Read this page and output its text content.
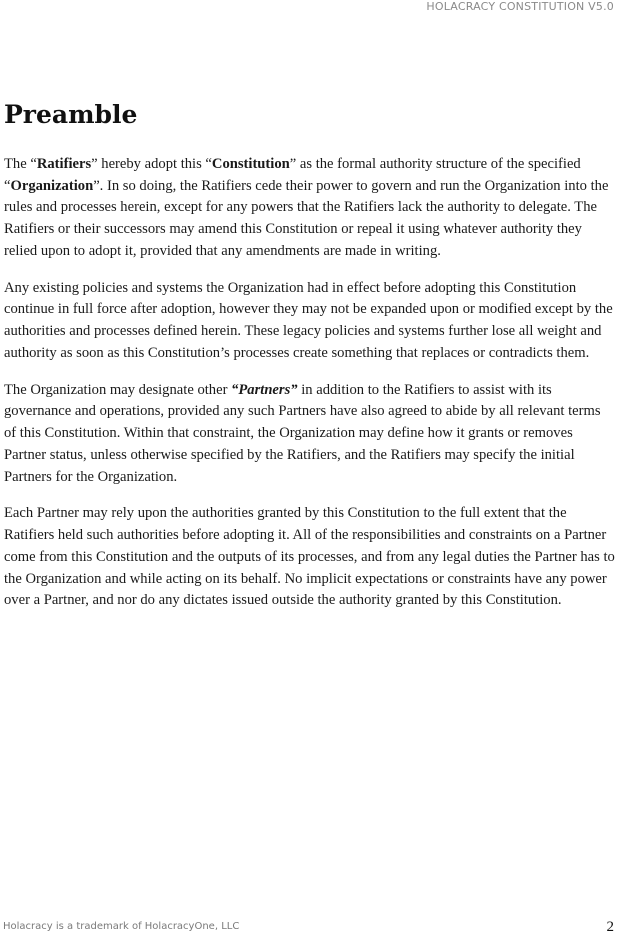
HOLACRACY CONSTITUTION V5.0
Preamble

The “Ratifiers” hereby adopt this “Constitution” as the formal authority structure of the specified “Organization”. In so doing, the Ratifiers cede their power to govern and run the Organization into the rules and processes herein, except for any powers that the Ratifiers lack the authority to delegate. The Ratifiers or their successors may amend this Constitution or repeal it using whatever authority they relied upon to adopt it, provided that any amendments are made in writing.

Any existing policies and systems the Organization had in effect before adopting this Constitution continue in full force after adoption, however they may not be expanded upon or modified except by the authorities and processes defined herein. These legacy policies and systems further lose all weight and authority as soon as this Constitution’s processes create something that replaces or contradicts them.

The Organization may designate other “Partners” in addition to the Ratifiers to assist with its governance and operations, provided any such Partners have also agreed to abide by all relevant terms of this Constitution. Within that constraint, the Organization may define how it grants or removes Partner status, unless otherwise specified by the Ratifiers, and the Ratifiers may specify the initial Partners for the Organization.

Each Partner may rely upon the authorities granted by this Constitution to the full extent that the Ratifiers held such authorities before adopting it. All of the responsibilities and constraints on a Partner come from this Constitution and the outputs of its processes, and from any legal duties the Partner has to the Organization and while acting on its behalf. No implicit expectations or constraints have any power over a Partner, and nor do any dictates issued outside the authority granted by this Constitution.

Holacracy is a trademark of HolacracyOne, LLC	2
